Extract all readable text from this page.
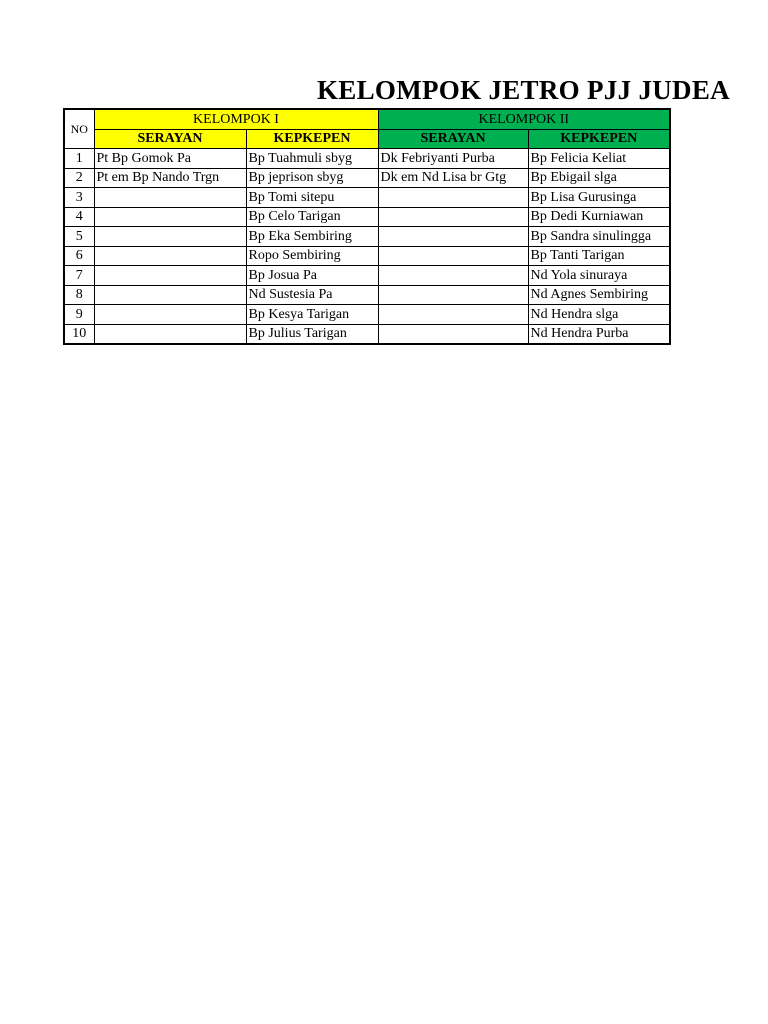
KELOMPOK JETRO PJJ JUDEA
NO	KELOMPOK I		KELOMPOK II	
	SERAYAN	KEPKEPEN	SERAYAN	KEPKEPEN
1	Pt Bp Gomok Pa	Bp Tuahmuli sbyg	Dk Febriyanti Purba	Bp Felicia Keliat
2	Pt em Bp Nando Trgn	Bp jeprison sbyg	Dk em Nd Lisa br Gtg	Bp Ebigail slga
3		Bp Tomi sitepu		Bp Lisa Gurusinga
4		Bp Celo Tarigan		Bp Dedi Kurniawan
5		Bp Eka Sembiring		Bp Sandra sinulingga
6		Ropo Sembiring		Bp Tanti Tarigan
7		Bp Josua Pa		Nd Yola sinuraya
8		Nd Sustesia Pa		Nd Agnes Sembiring
9		Bp Kesya Tarigan		Nd Hendra slga
10		Bp Julius Tarigan		Nd Hendra Purba
